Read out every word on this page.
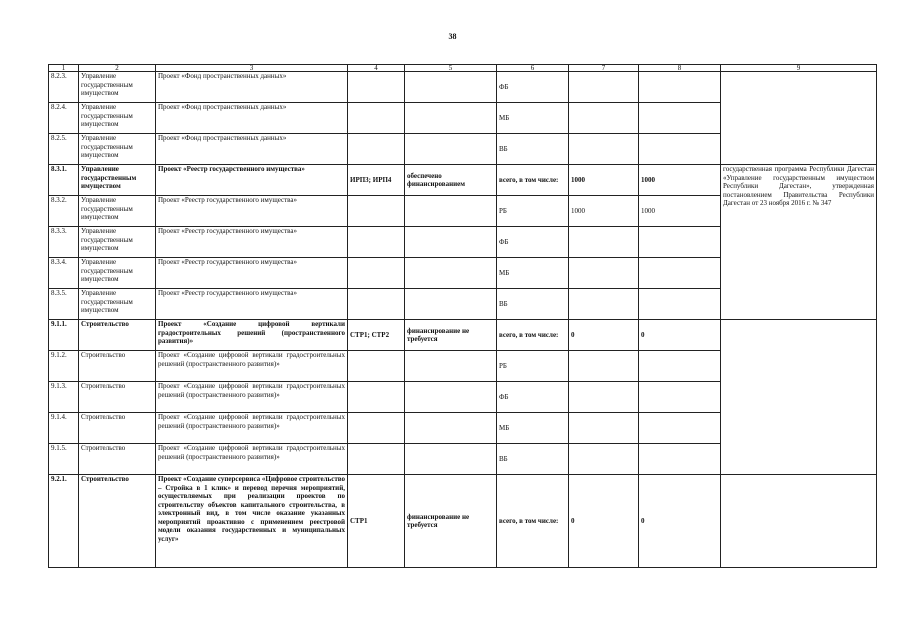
38
1	2	3	4	5	6	7	8	9
8.2.3.	Управление государственным имуществом	Проект «Фонд пространственных данных»			ФБ			
8.2.4.	Управление государственным имуществом	Проект «Фонд пространственных данных»			МБ			
8.2.5.	Управление государственным имуществом	Проект «Фонд пространственных данных»			ВБ			
8.3.1.	Управление государственным имуществом	Проект «Реестр государственного имущества»	ИРП3; ИРП4	обеспечено финансированием	всего, в том числе:	1000	1000	государственная программа Республики Дагестан «Управление государственным имуществом Республики Дагестан», утвержденная постановлением Правительства Республики Дагестан от 23 ноября 2016 г. № 347
8.3.2.	Управление государственным имуществом	Проект «Реестр государственного имущества»			РБ	1000	1000	
8.3.3.	Управление государственным имуществом	Проект «Реестр государственного имущества»			ФБ			
8.3.4.	Управление государственным имуществом	Проект «Реестр государственного имущества»			МБ			
8.3.5.	Управление государственным имуществом	Проект «Реестр государственного имущества»			ВБ			
9.1.1.	Строительство	Проект «Создание цифровой вертикали градостроительных решений (пространственного развития)»	СТР1; СТР2	финансирование не требуется	всего, в том числе:	0	0	
9.1.2.	Строительство	Проект «Создание цифровой вертикали градостроительных решений (пространственного развития)»			РБ			
9.1.3.	Строительство	Проект «Создание цифровой вертикали градостроительных решений (пространственного развития)»			ФБ			
9.1.4.	Строительство	Проект «Создание цифровой вертикали градостроительных решений (пространственного развития)»			МБ			
9.1.5.	Строительство	Проект «Создание цифровой вертикали градостроительных решений (пространственного развития)»			ВБ			
9.2.1.	Строительство	Проект «Создание суперсервиса «Цифровое строительство – Стройка в 1 клик» и перевод перечня мероприятий, осуществляемых при реализации проектов по строительству объектов капитального строительства, в электронный вид, в том числе оказание указанных мероприятий проактивно с применением реестровой модели оказания государственных и муниципальных услуг»	СТР1	финансирование не требуется	всего, в том числе:	0	0	
